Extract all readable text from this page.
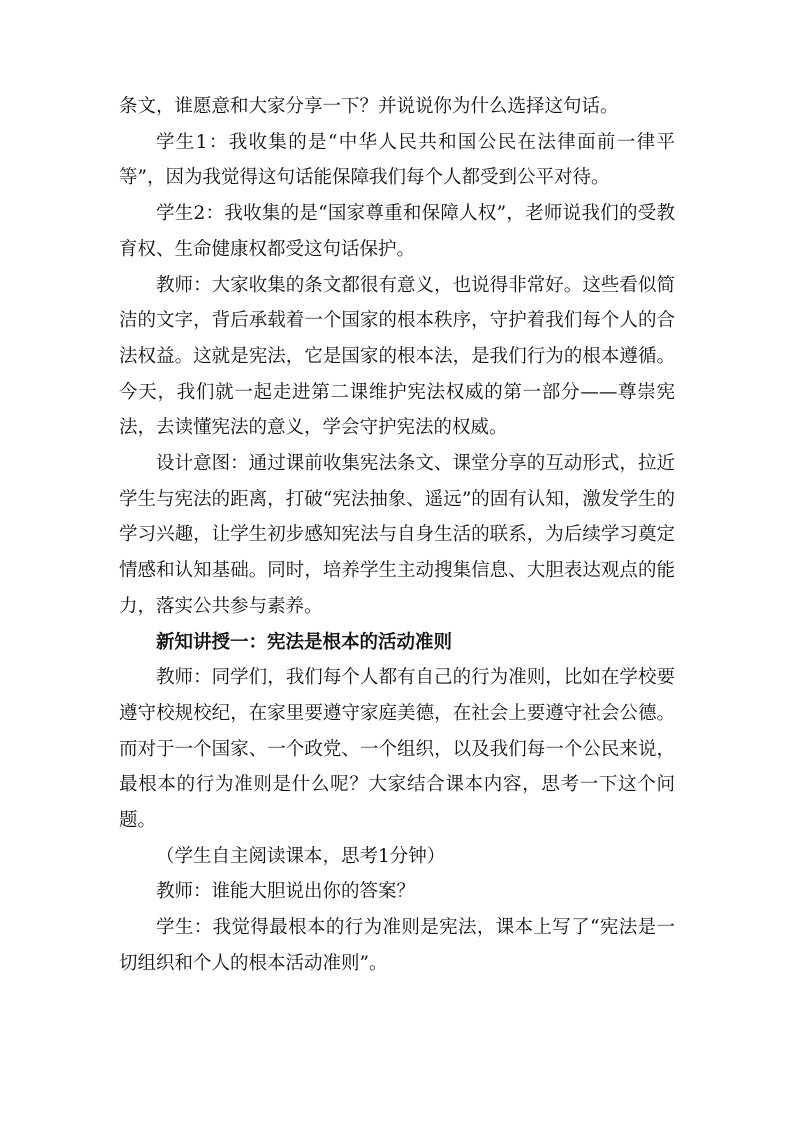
条文，谁愿意和大家分享一下？并说说你为什么选择这句话。

学生1：我收集的是“中华人民共和国公民在法律面前一律平等”，因为我觉得这句话能保障我们每个人都受到公平对待。

学生2：我收集的是“国家尊重和保障人权”，老师说我们的受教育权、生命健康权都受这句话保护。

教师：大家收集的条文都很有意义，也说得非常好。这些看似简洁的文字，背后承载着一个国家的根本秩序，守护着我们每个人的合法权益。这就是宪法，它是国家的根本法，是我们行为的根本遵循。今天，我们就一起走进第二课维护宪法权威的第一部分——尊崇宪法，去读懂宪法的意义，学会守护宪法的权威。

设计意图：通过课前收集宪法条文、课堂分享的互动形式，拉近学生与宪法的距离，打破“宪法抽象、遥远”的固有认知，激发学生的学习兴趣，让学生初步感知宪法与自身生活的联系，为后续学习奠定情感和认知基础。同时，培养学生主动搜集信息、大胆表达观点的能力，落实公共参与素养。

新知讲授一：宪法是根本的活动准则

教师：同学们，我们每个人都有自己的行为准则，比如在学校要遵守校规校纪，在家里要遵守家庭美德，在社会上要遵守社会公德。而对于一个国家、一个政党、一个组织，以及我们每一个公民来说，最根本的行为准则是什么呢？大家结合课本内容，思考一下这个问题。

（学生自主阅读课本，思考1分钟）

教师：谁能大胆说出你的答案？

学生：我觉得最根本的行为准则是宪法，课本上写了“宪法是一切组织和个人的根本活动准则”。
